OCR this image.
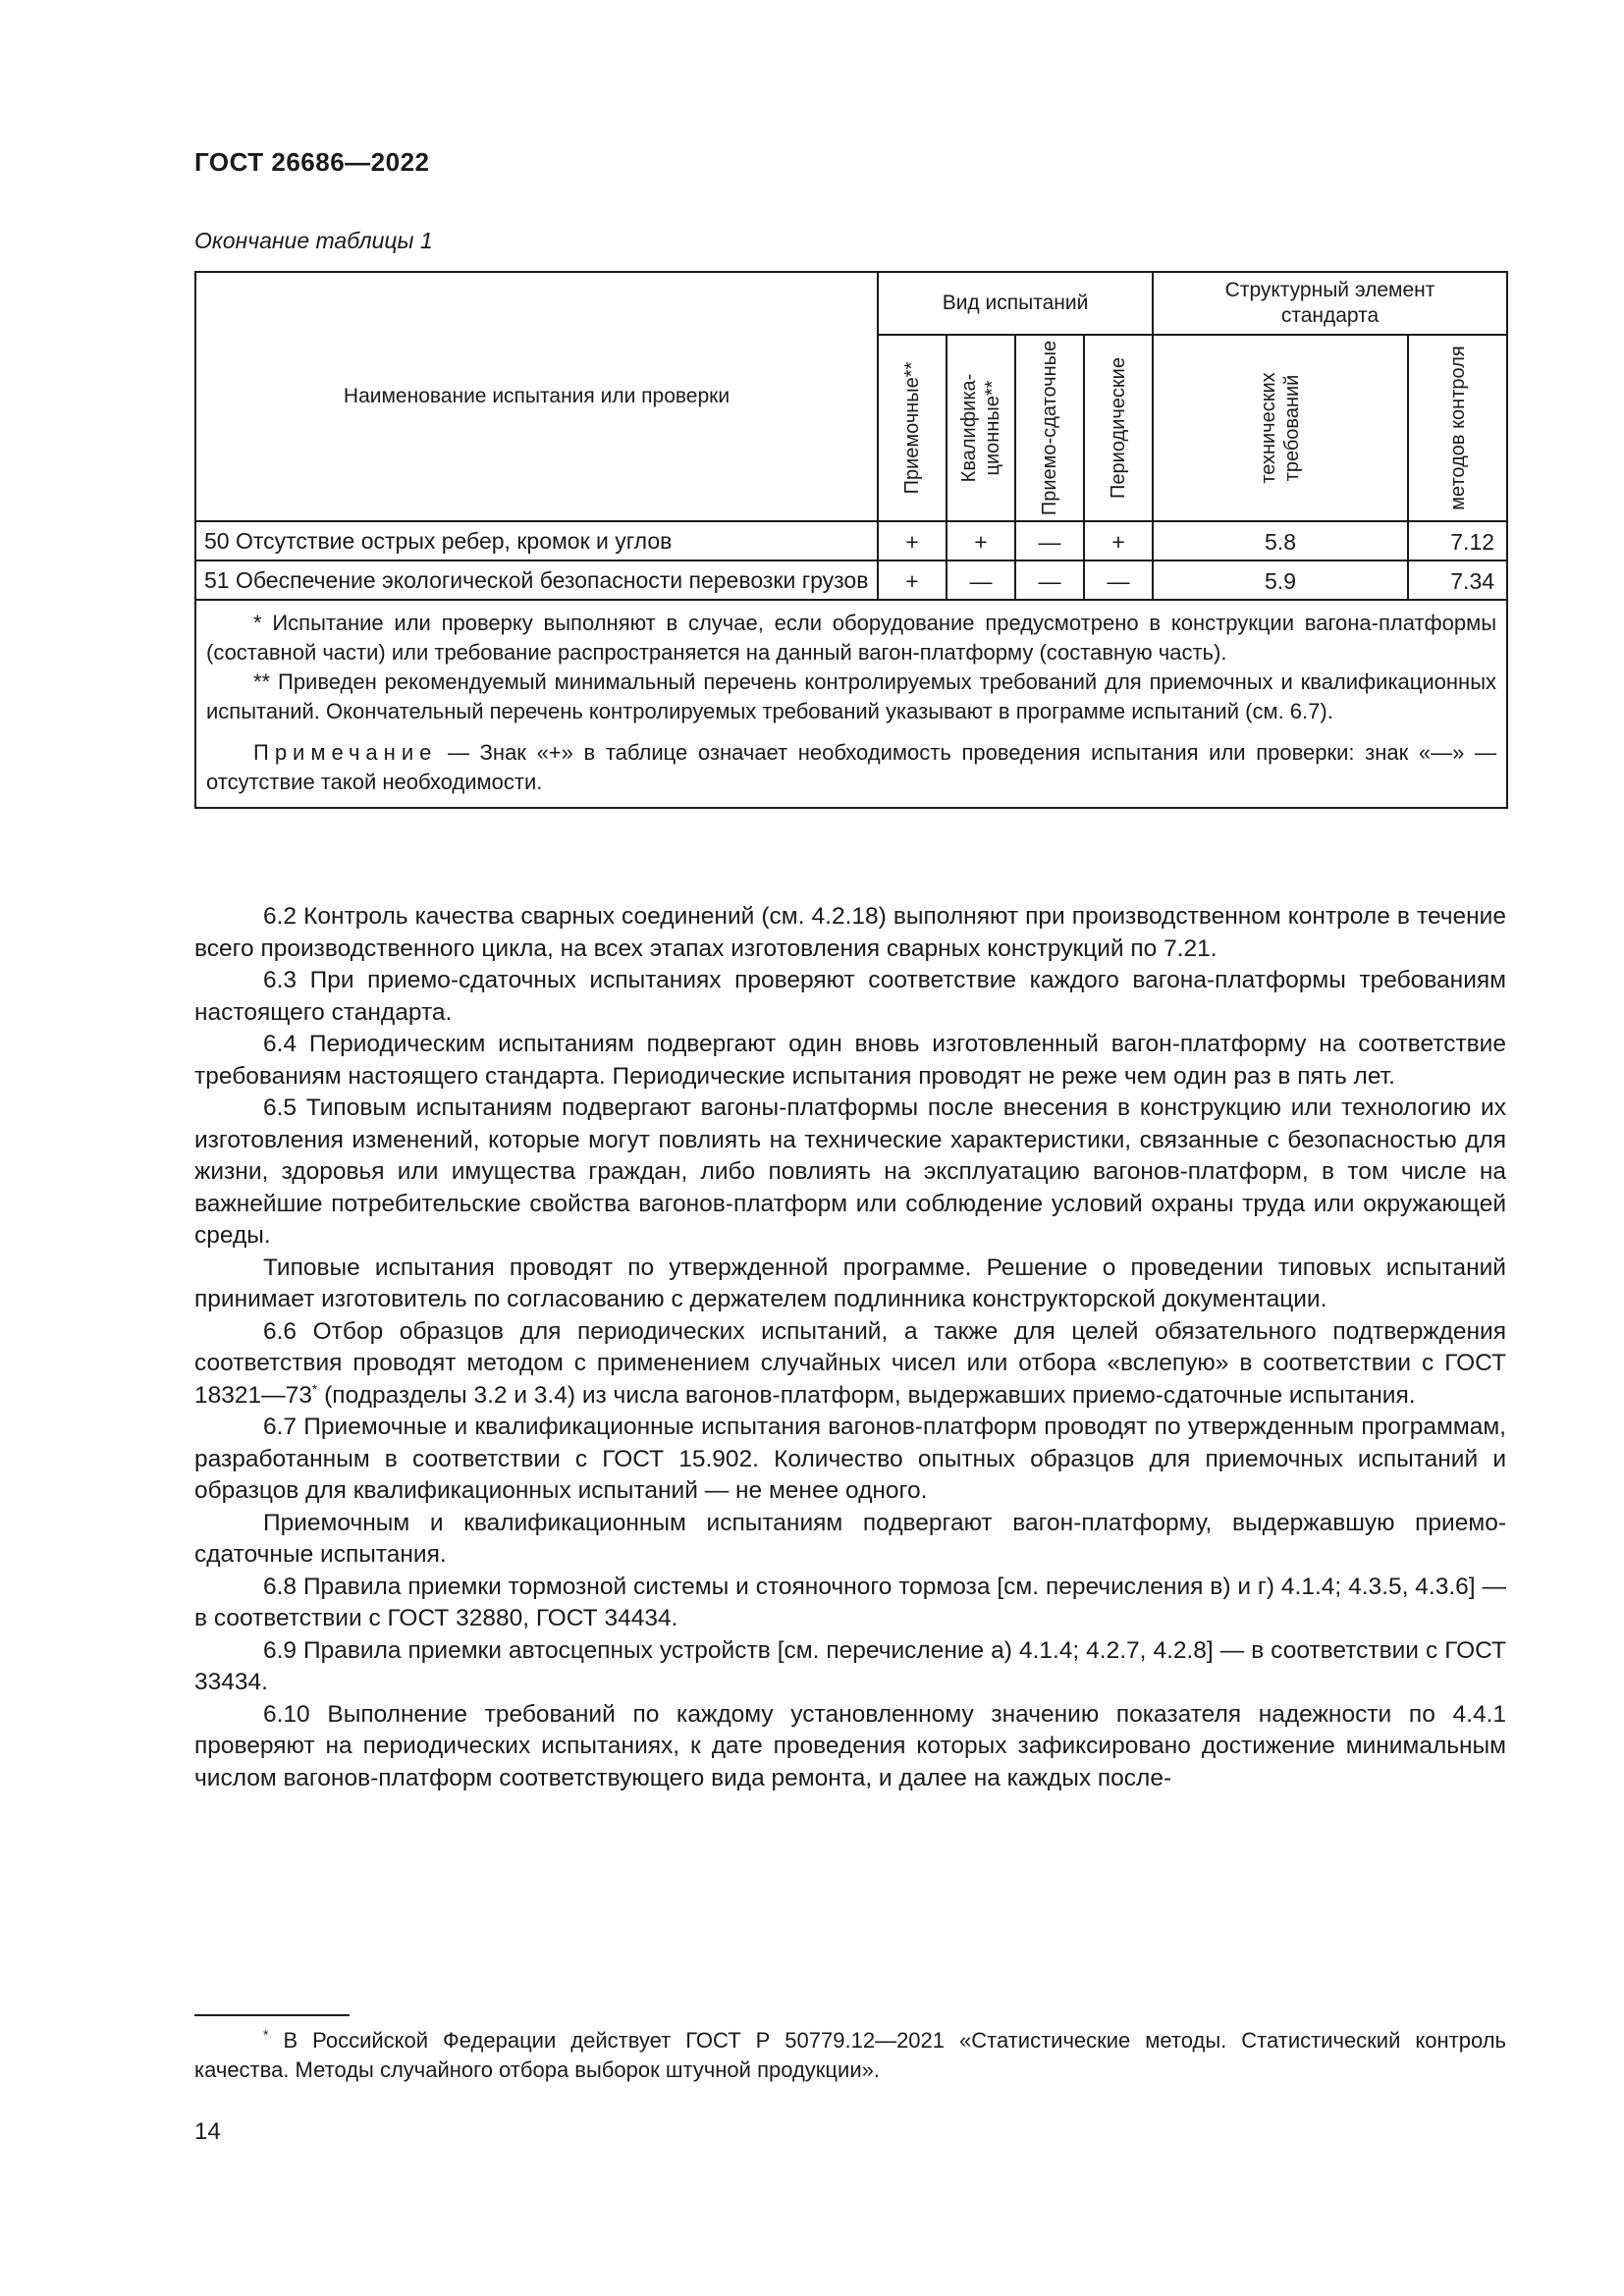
ГОСТ 26686—2022
Окончание таблицы 1
Наименование испытания или проверки	Вид испытаний				Структурный элемент
стандарта	

	Приемочные**	Квалифика-ционные**	Приемо-сдаточные	Периодические	технических требований	методов контроля

50 Отсутствие острых ребер, кромок и углов	+	+	—	+	5.8	7.12
51 Обеспечение экологической безопасности перевозки грузов	+	—	—	—	5.9	7.34

* Испытание или проверку выполняют в случае, если оборудование предусмотрено в конструкции вагона-платформы (составной части) или требование распространяется на данный вагон-платформу (составную часть).

** Приведен рекомендуемый минимальный перечень контролируемых требований для приемочных и квалификационных испытаний. Окончательный перечень контролируемых требований указывают в программе испытаний (см. 6.7).

Примечание — Знак «+» в таблице означает необходимость проведения испытания или проверки: знак «—» — отсутствие такой необходимости.						

6.2 Контроль качества сварных соединений (см. 4.2.18) выполняют при производственном контроле в течение всего производственного цикла, на всех этапах изготовления сварных конструкций по 7.21.

6.3 При приемо-сдаточных испытаниях проверяют соответствие каждого вагона-платформы требованиям настоящего стандарта.

6.4 Периодическим испытаниям подвергают один вновь изготовленный вагон-платформу на соответствие требованиям настоящего стандарта. Периодические испытания проводят не реже чем один раз в пять лет.

6.5 Типовым испытаниям подвергают вагоны-платформы после внесения в конструкцию или технологию их изготовления изменений, которые могут повлиять на технические характеристики, связанные с безопасностью для жизни, здоровья или имущества граждан, либо повлиять на эксплуатацию вагонов-платформ, в том числе на важнейшие потребительские свойства вагонов-платформ или соблюдение условий охраны труда или окружающей среды.

Типовые испытания проводят по утвержденной программе. Решение о проведении типовых испытаний принимает изготовитель по согласованию с держателем подлинника конструкторской документации.

6.6 Отбор образцов для периодических испытаний, а также для целей обязательного подтверждения соответствия проводят методом с применением случайных чисел или отбора «вслепую» в соответствии с ГОСТ 18321—73* (подразделы 3.2 и 3.4) из числа вагонов-платформ, выдержавших приемо-сдаточные испытания.

6.7 Приемочные и квалификационные испытания вагонов-платформ проводят по утвержденным программам, разработанным в соответствии с ГОСТ 15.902. Количество опытных образцов для приемочных испытаний и образцов для квалификационных испытаний — не менее одного.

Приемочным и квалификационным испытаниям подвергают вагон-платформу, выдержавшую приемо-сдаточные испытания.

6.8 Правила приемки тормозной системы и стояночного тормоза [см. перечисления в) и г) 4.1.4; 4.3.5, 4.3.6] — в соответствии с ГОСТ 32880, ГОСТ 34434.

6.9 Правила приемки автосцепных устройств [см. перечисление а) 4.1.4; 4.2.7, 4.2.8] — в соответствии с ГОСТ 33434.

6.10 Выполнение требований по каждому установленному значению показателя надежности по 4.4.1 проверяют на периодических испытаниях, к дате проведения которых зафиксировано достижение минимальным числом вагонов-платформ соответствующего вида ремонта, и далее на каждых после-

* В Российской Федерации действует ГОСТ Р 50779.12—2021 «Статистические методы. Статистический контроль качества. Методы случайного отбора выборок штучной продукции».
14
